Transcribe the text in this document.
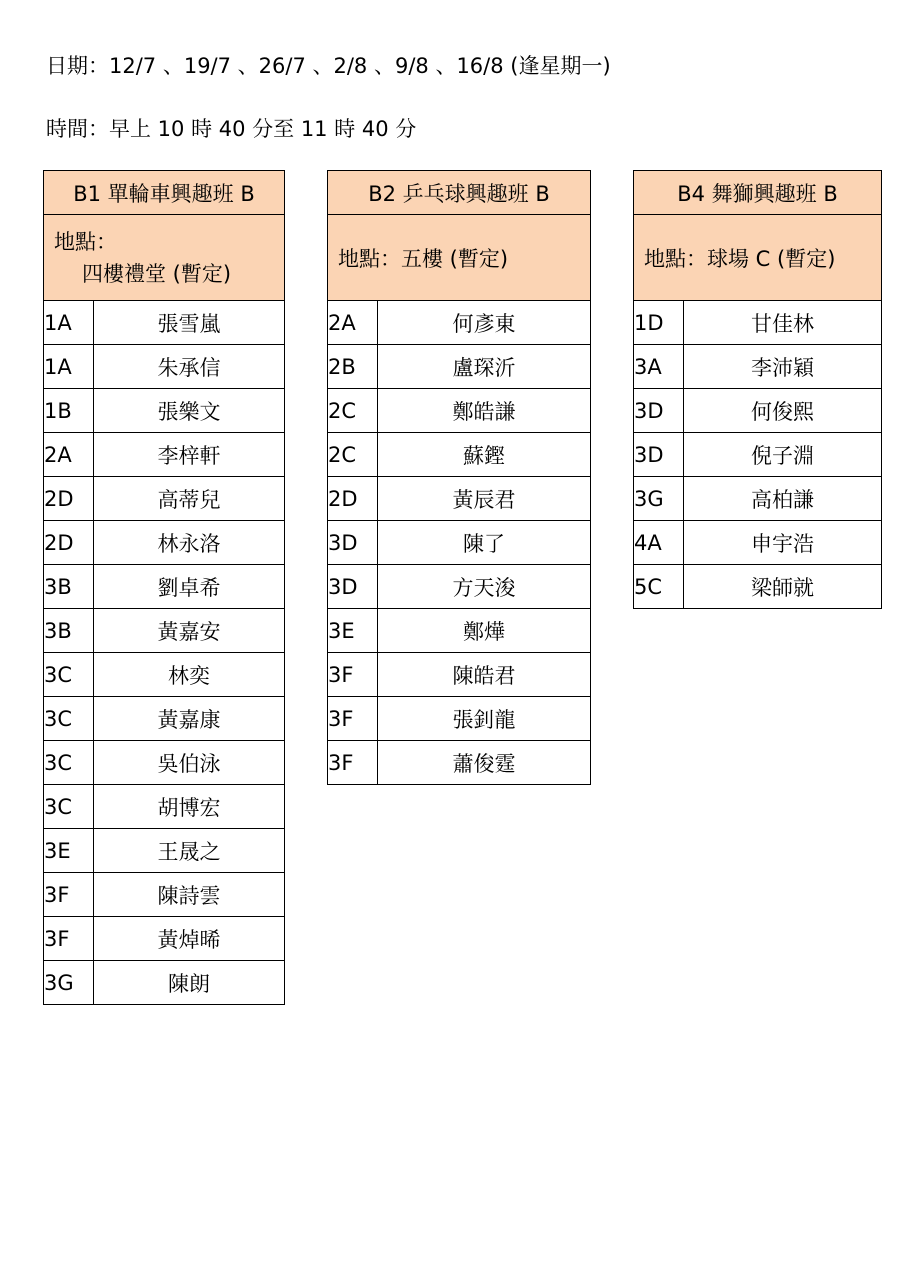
日期：12/7 、19/7 、26/7 、2/8 、9/8 、16/8 (逢星期一)
時間：早上 10 時 40 分至 11 時 40 分
B1 單輪車興趣班 B	

地點：
四樓禮堂 (暫定)	

1A	張雪嵐
1A	朱承信
1B	張樂文
2A	李梓軒
2D	高蒂兒
2D	林永洛
3B	劉卓希
3B	黃嘉安
3C	林奕
3C	黃嘉康
3C	吳伯泳
3C	胡博宏
3E	王晟之
3F	陳詩雲
3F	黃焯晞
3G	陳朗
B2 乒乓球興趣班 B	
地點：五樓 (暫定)	
2A	何彥東
2B	盧琛沂
2C	鄭皓謙
2C	蘇鏗
2D	黃辰君
3D	陳了
3D	方天浚
3E	鄭燁
3F	陳皓君
3F	張釗龍
3F	蕭俊霆
B4 舞獅興趣班 B	
地點：球場 C (暫定)	
1D	甘佳林
3A	李沛穎
3D	何俊熙
3D	倪子淵
3G	高柏謙
4A	申宇浩
5C	梁師就
